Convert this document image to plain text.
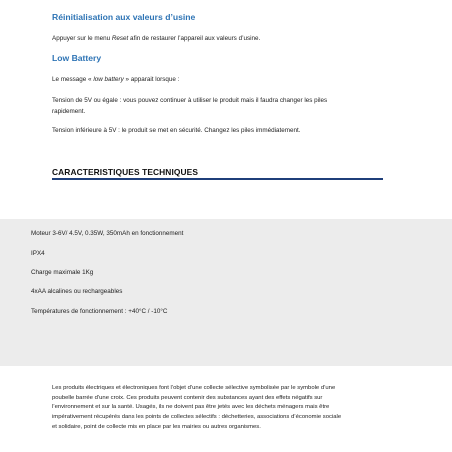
Réinitialisation aux valeurs d’usine

Appuyer sur le menu Reset afin de restaurer l’appareil aux valeurs d’usine.

Low Battery

Le message « low battery » apparait lorsque :

Tension de 5V ou égale : vous pouvez continuer à utiliser le produit mais il faudra changer les piles

rapidement.

Tension inférieure à 5V : le produit se met en sécurité. Changez les piles immédiatement.

CARACTERISTIQUES TECHNIQUES

Moteur 3-6V/ 4.5V, 0.35W, 350mAh en fonctionnement

IPX4

Charge maximale 1Kg

4xAA alcalines ou rechargeables

Températures de fonctionnement : +40°C / -10°C

Les produits électriques et électroniques font l’objet d’une collecte sélective symbolisée par le symbole d’une
poubelle barrée d’une croix. Ces produits peuvent contenir des substances ayant des effets négatifs sur
l’environnement et sur la santé. Usagés, ils ne doivent pas être jetés avec les déchets ménagers mais être
impérativement récupérés dans les points de collectes sélectifs : déchetteries, associations d’économie sociale
et solidaire, point de collecte mis en place par les mairies ou autres organismes.
